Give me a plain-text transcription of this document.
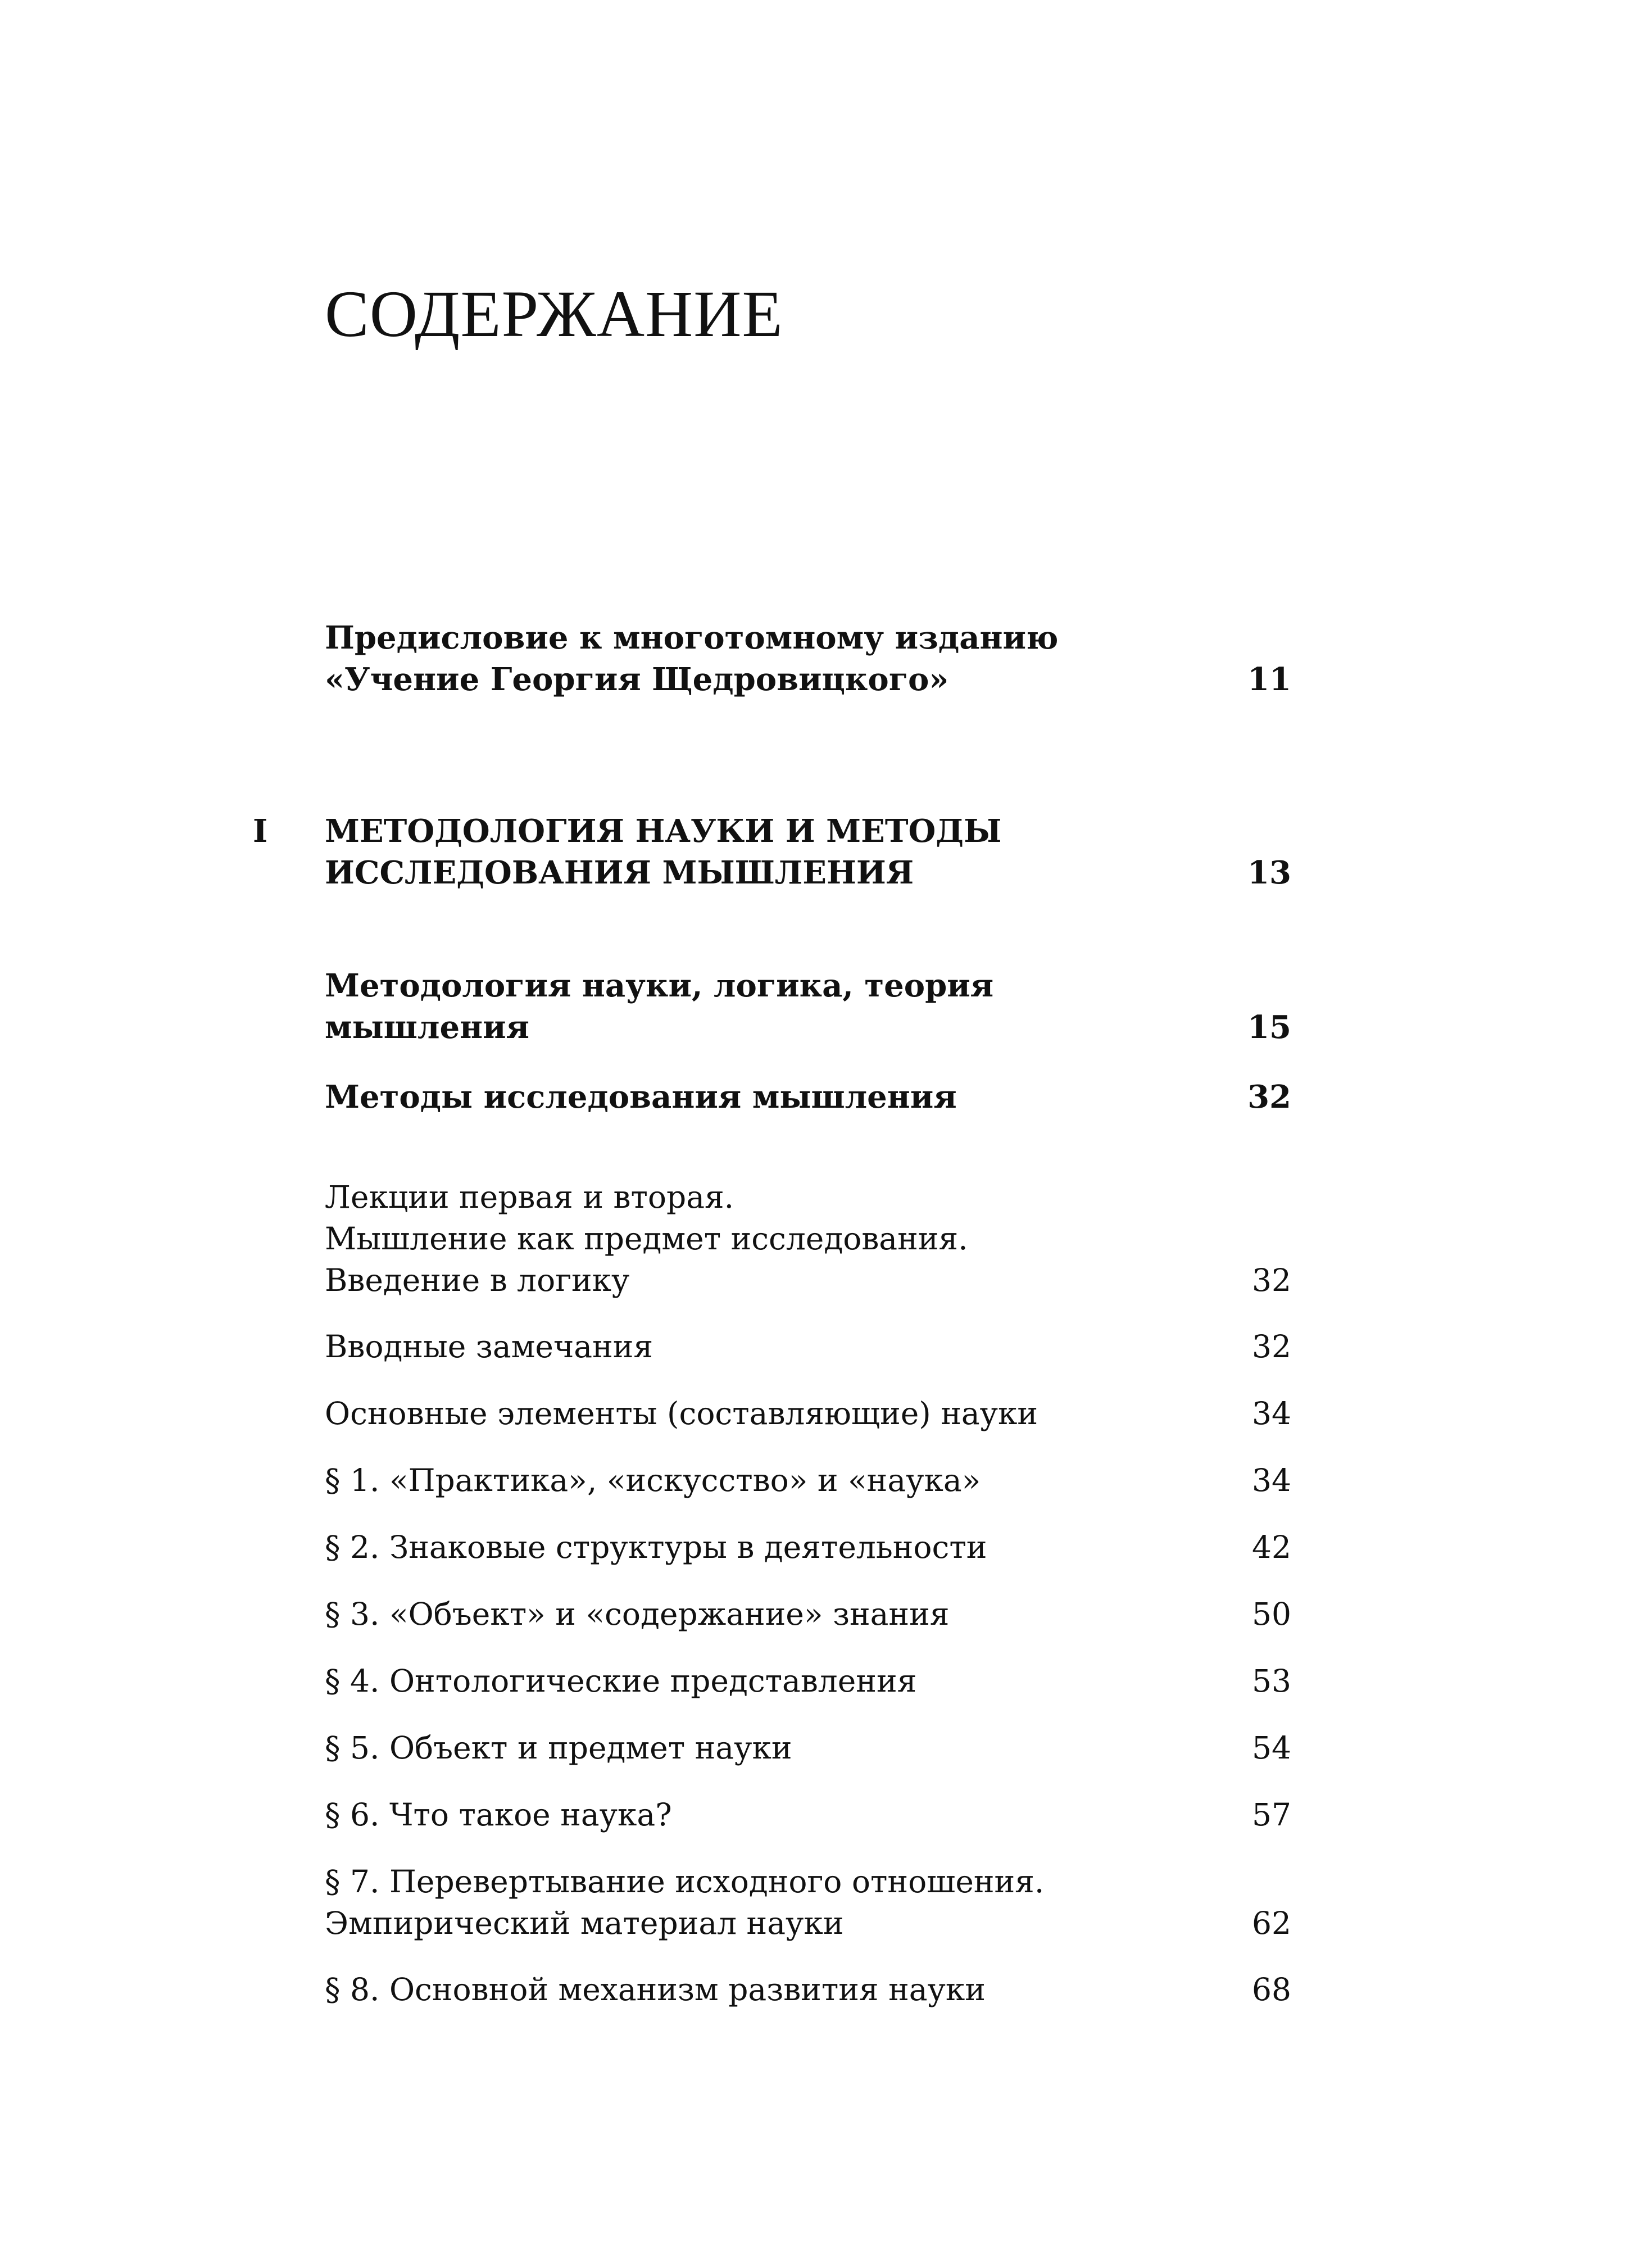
СОДЕРЖАНИЕ
Предисловие к многотомному изданию
«Учение Георгия Щедровицкого»	11
I МЕТОДОЛОГИЯ НАУКИ И МЕТОДЫ
ИССЛЕДОВАНИЯ МЫШЛЕНИЯ	13
Методология науки, логика, теория мышления	15
Методы исследования мышления	32
Лекции первая и вторая.
Мышление как предмет исследования.
Введение в логику	32
Вводные замечания	32
Основные элементы (составляющие) науки	34
§ 1. «Практика», «искусство» и «наука»	34
§ 2. Знаковые структуры в деятельности	42
§ 3. «Объект» и «содержание» знания	50
§ 4. Онтологические представления	53
§ 5. Объект и предмет науки	54
§ 6. Что такое наука?	57
§ 7. Перевертывание исходного отношения.
Эмпирический материал науки	62
§ 8. Основной механизм развития науки	68
